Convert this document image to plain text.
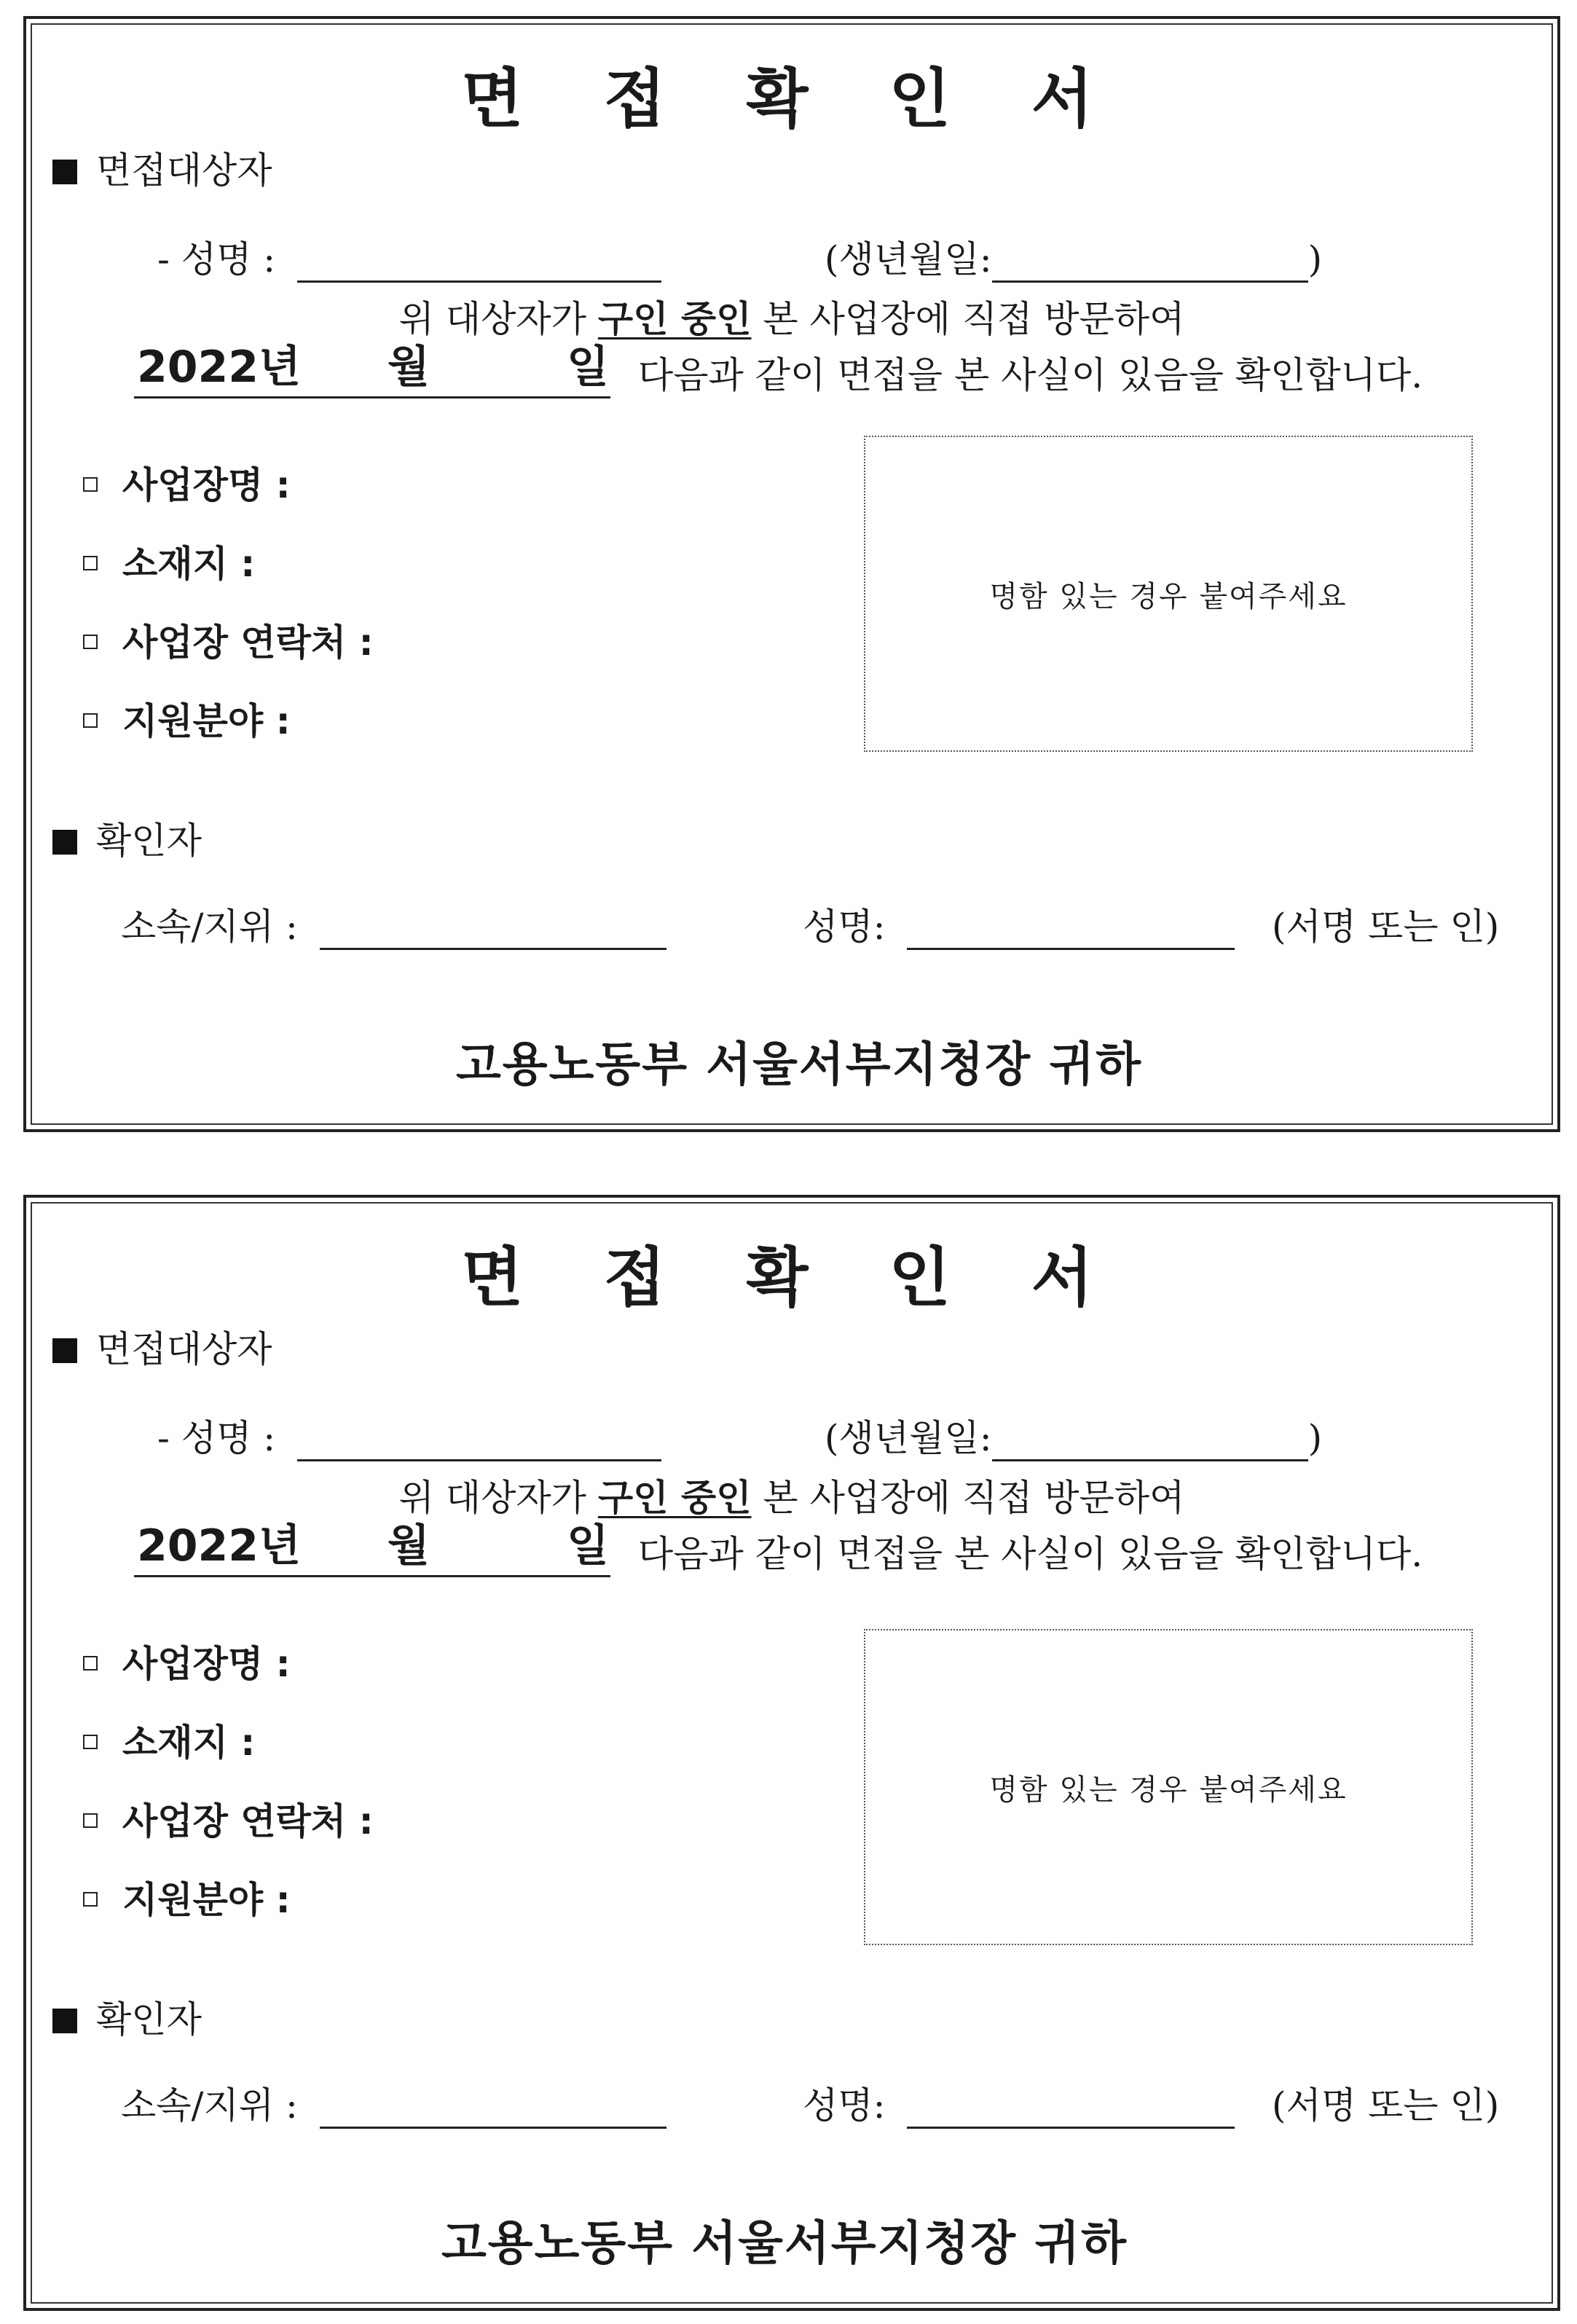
면 접 확 인 서
면접대상자
- 성명 :	(생년월일:	)
위 대상자가 구인 중인 본 사업장에 직접 방문하여
2022년 월	일 다음과 같이 면접을 본 사실이 있음을 확인합니다.
사업장명 :
소재지 :
사업장 연락처 :
지원분야 :
명함 있는 경우 붙여주세요
확인자
소속/지위 :	성명:	(서명 또는 인)
고용노동부 서울서부지청장 귀하
면 접 확 인 서
면접대상자
- 성명 :	(생년월일:	)
위 대상자가 구인 중인 본 사업장에 직접 방문하여
2022년 월	일 다음과 같이 면접을 본 사실이 있음을 확인합니다.
사업장명 :
소재지 :
사업장 연락처 :
지원분야 :
명함 있는 경우 붙여주세요
확인자
소속/지위 :	성명:	(서명 또는 인)
고용노동부 서울서부지청장 귀하
